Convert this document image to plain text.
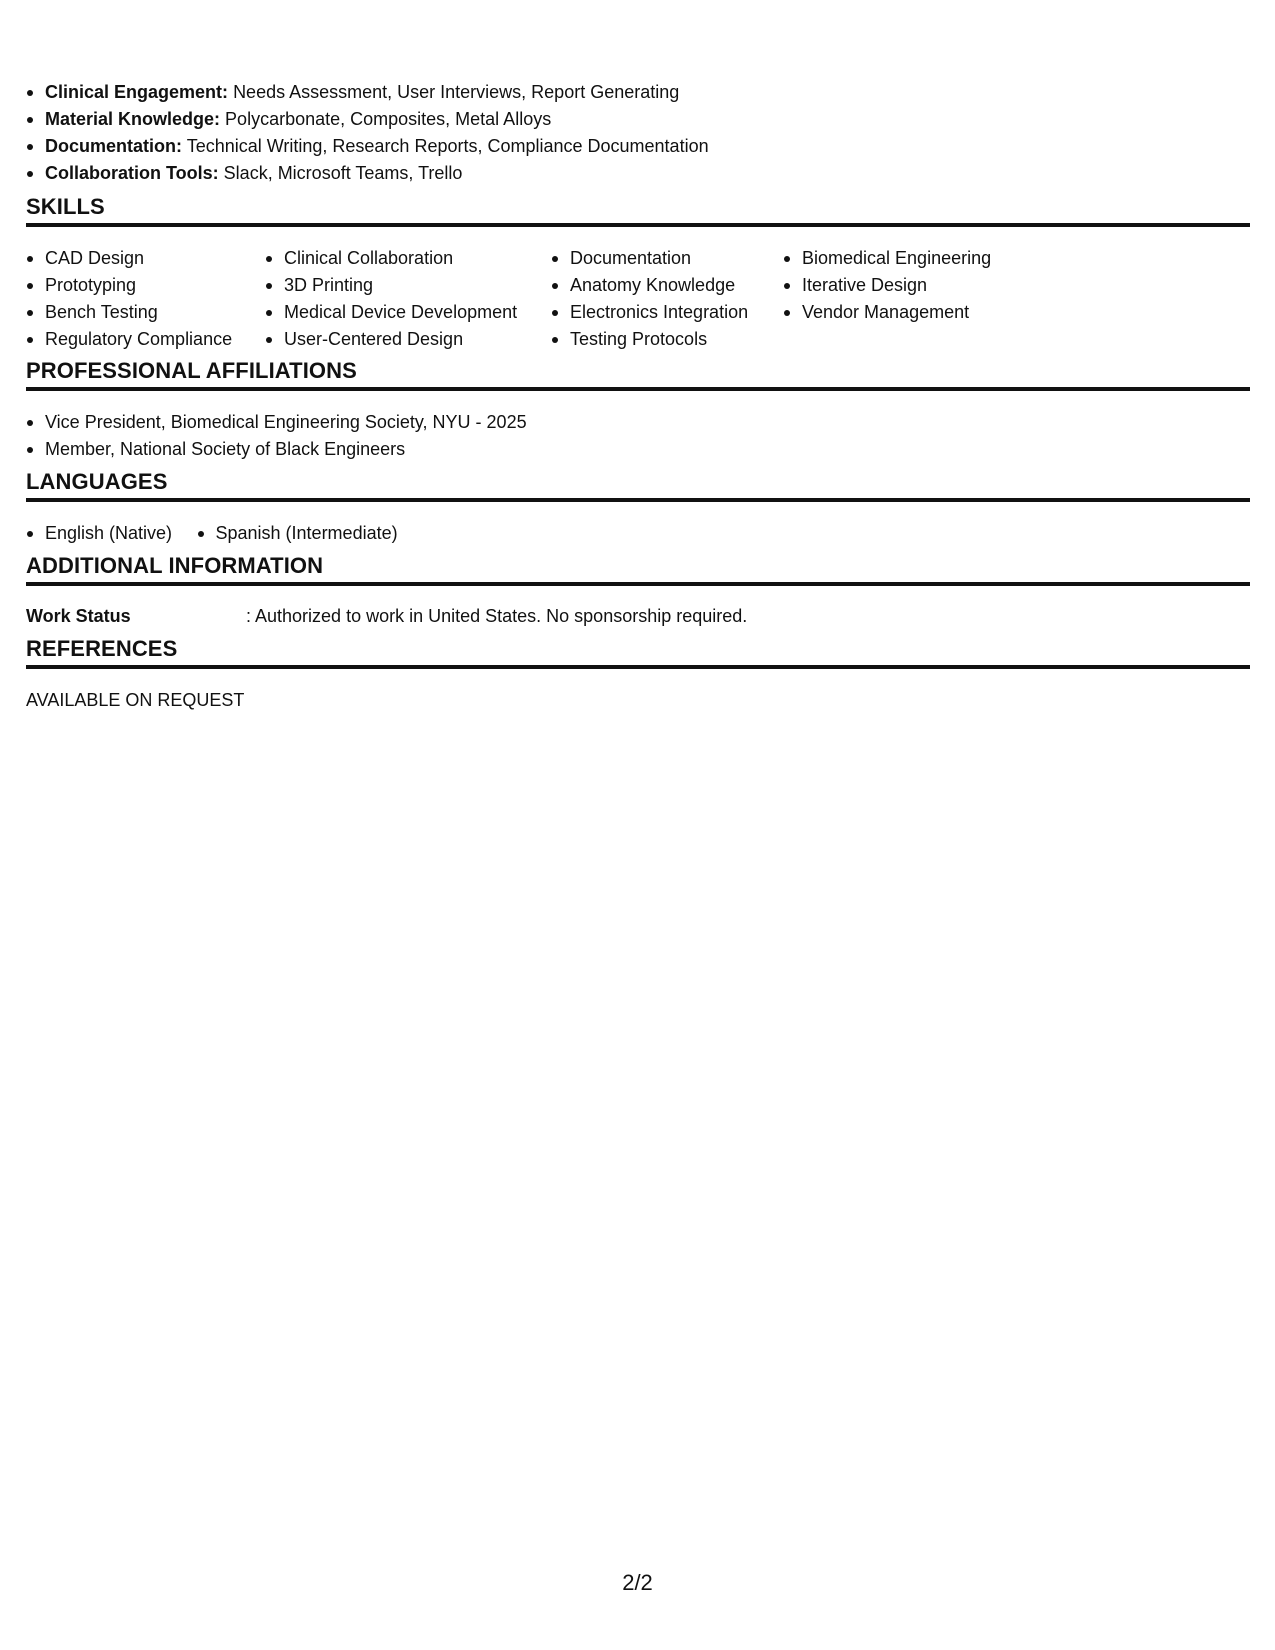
Clinical Engagement: Needs Assessment, User Interviews, Report Generating
Material Knowledge: Polycarbonate, Composites, Metal Alloys
Documentation: Technical Writing, Research Reports, Compliance Documentation
Collaboration Tools: Slack, Microsoft Teams, Trello
SKILLS
CAD Design
Prototyping
Bench Testing
Regulatory Compliance
Clinical Collaboration
3D Printing
Medical Device Development
User-Centered Design
Documentation
Anatomy Knowledge
Electronics Integration
Testing Protocols
Biomedical Engineering
Iterative Design
Vendor Management
PROFESSIONAL AFFILIATIONS
Vice President, Biomedical Engineering Society, NYU - 2025
Member, National Society of Black Engineers
LANGUAGES
English (Native) Spanish (Intermediate)
ADDITIONAL INFORMATION
Work Status	: Authorized to work in United States. No sponsorship required.
REFERENCES
AVAILABLE ON REQUEST
2/2
